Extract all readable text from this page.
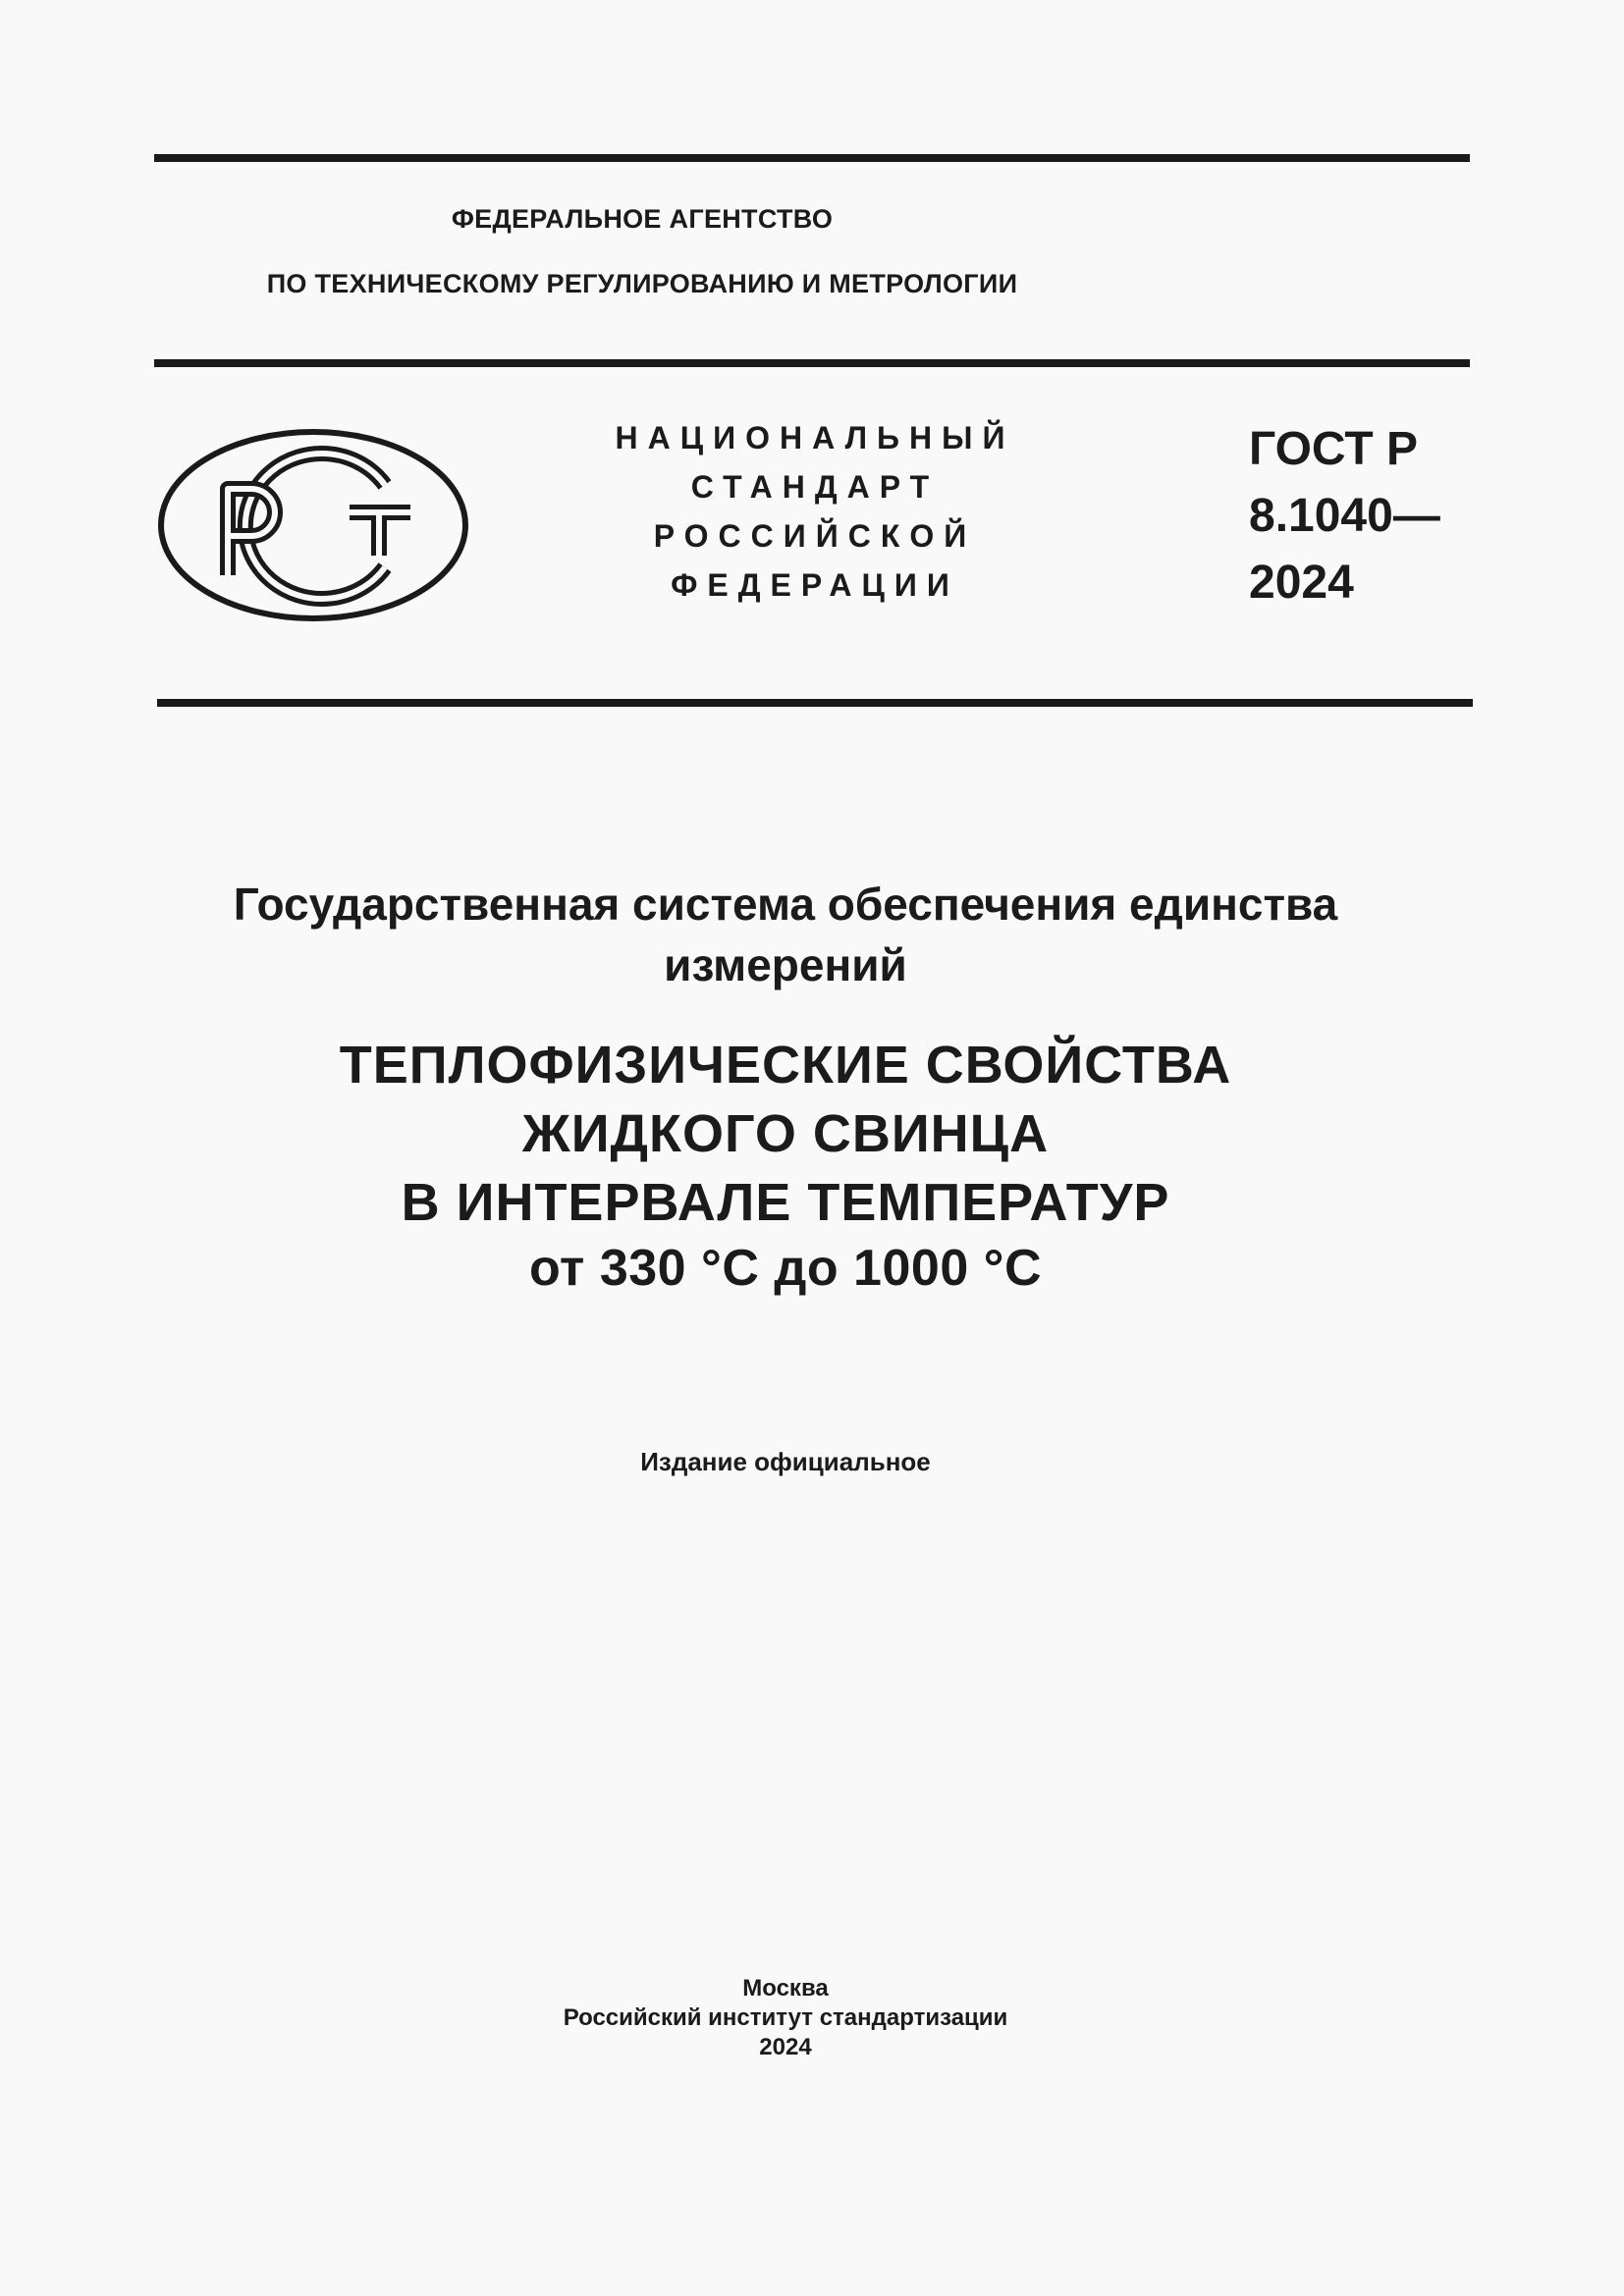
ФЕДЕРАЛЬНОЕ АГЕНТСТВО
ПО ТЕХНИЧЕСКОМУ РЕГУЛИРОВАНИЮ И МЕТРОЛОГИИ
НАЦИОНАЛЬНЫЙ
СТАНДАРТ
РОССИЙСКОЙ
ФЕДЕРАЦИИ
ГОСТ Р
8.1040—
2024
Государственная система обеспечения единства
измерений
ТЕПЛОФИЗИЧЕСКИЕ СВОЙСТВА
ЖИДКОГО СВИНЦА
В ИНТЕРВАЛЕ ТЕМПЕРАТУР
от 330 °С до 1000 °С
Издание официальное
Москва
Российский институт стандартизации
2024
